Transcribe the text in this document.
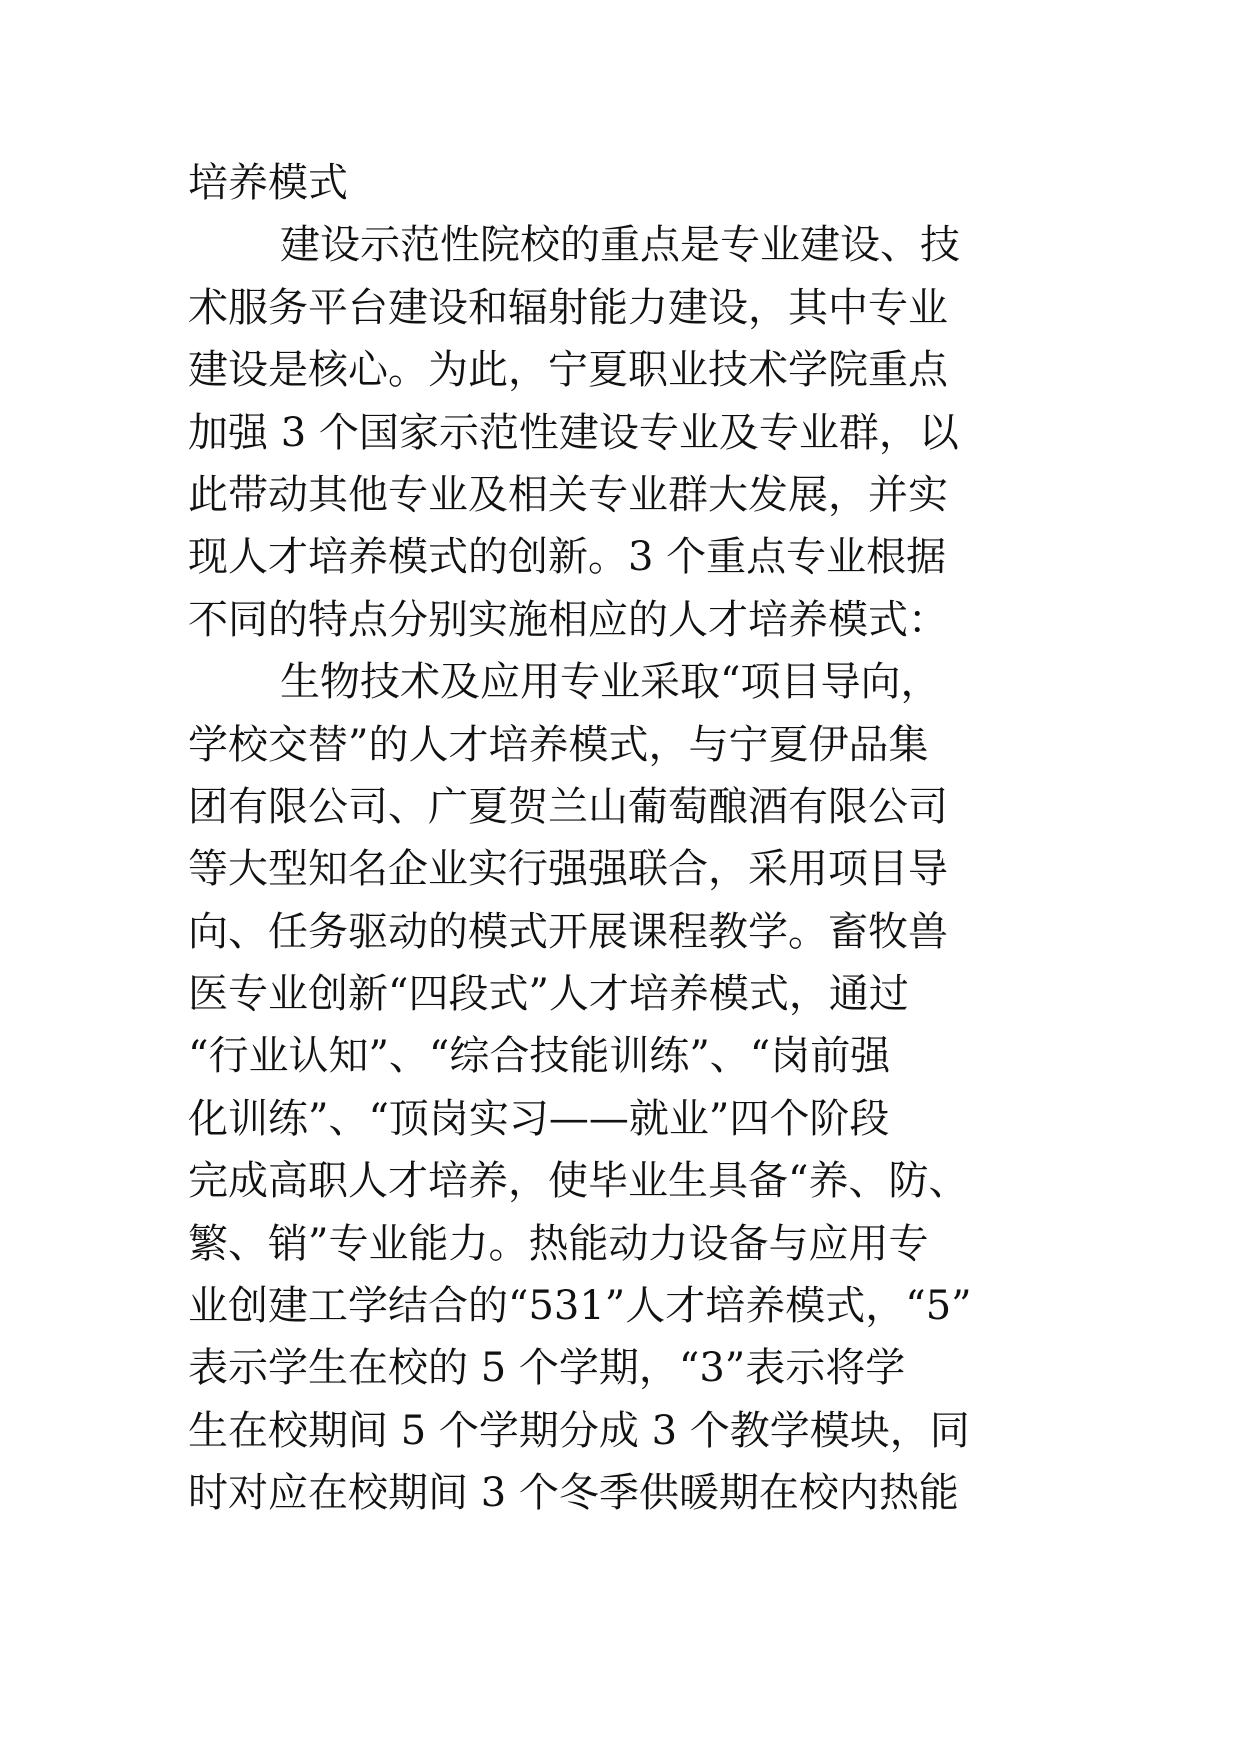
培养模式
建设示范性院校的重点是专业建设、技
术服务平台建设和辐射能力建设，其中专业
建设是核心。为此，宁夏职业技术学院重点
加强 3 个国家示范性建设专业及专业群，以
此带动其他专业及相关专业群大发展，并实
现人才培养模式的创新。3 个重点专业根据
不同的特点分别实施相应的人才培养模式：
生物技术及应用专业采取“项目导向，
学校交替”的人才培养模式，与宁夏伊品集
团有限公司、广夏贺兰山葡萄酿酒有限公司
等大型知名企业实行强强联合，采用项目导
向、任务驱动的模式开展课程教学。畜牧兽
医专业创新“四段式”人才培养模式，通过
“行业认知”、“综合技能训练”、“岗前强
化训练”、“顶岗实习——就业”四个阶段
完成高职人才培养，使毕业生具备“养、防、
繁、销”专业能力。热能动力设备与应用专
业创建工学结合的“531”人才培养模式，“5”
表示学生在校的 5 个学期，“3”表示将学
生在校期间 5 个学期分成 3 个教学模块，同
时对应在校期间 3 个冬季供暖期在校内热能
